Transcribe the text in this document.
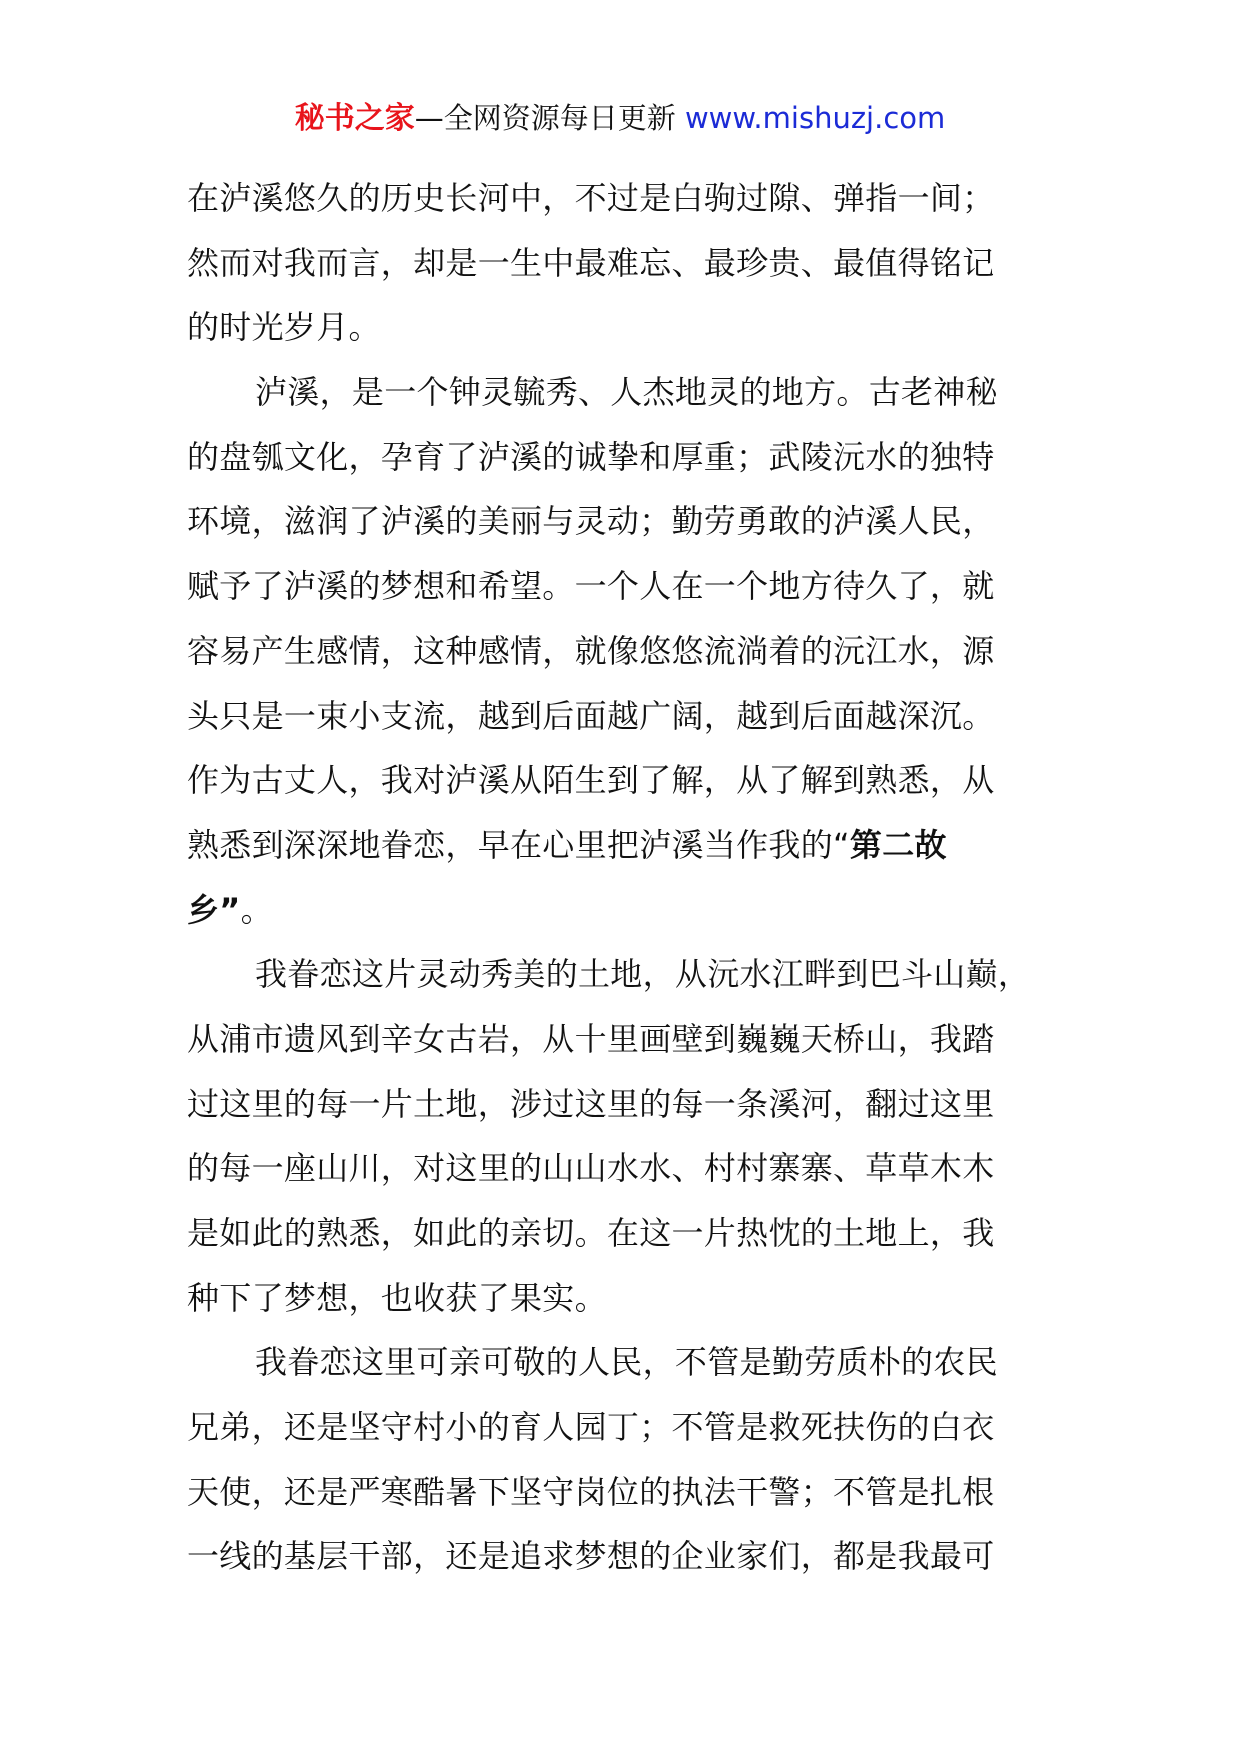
秘书之家—全网资源每日更新 www.mishuzj.com
在泸溪悠久的历史长河中，不过是白驹过隙、弹指一间；
然而对我而言，却是一生中最难忘、最珍贵、最值得铭记
的时光岁月。
泸溪，是一个钟灵毓秀、人杰地灵的地方。古老神秘
的盘瓠文化，孕育了泸溪的诚挚和厚重；武陵沅水的独特
环境，滋润了泸溪的美丽与灵动；勤劳勇敢的泸溪人民，
赋予了泸溪的梦想和希望。一个人在一个地方待久了，就
容易产生感情，这种感情，就像悠悠流淌着的沅江水，源
头只是一束小支流，越到后面越广阔，越到后面越深沉。
作为古丈人，我对泸溪从陌生到了解，从了解到熟悉，从
熟悉到深深地眷恋，早在心里把泸溪当作我的“第二故
乡”。
我眷恋这片灵动秀美的土地，从沅水江畔到巴斗山巅，
从浦市遗风到辛女古岩，从十里画壁到巍巍天桥山，我踏
过这里的每一片土地，涉过这里的每一条溪河，翻过这里
的每一座山川，对这里的山山水水、村村寨寨、草草木木
是如此的熟悉，如此的亲切。在这一片热忱的土地上，我
种下了梦想，也收获了果实。
我眷恋这里可亲可敬的人民，不管是勤劳质朴的农民
兄弟，还是坚守村小的育人园丁；不管是救死扶伤的白衣
天使，还是严寒酷暑下坚守岗位的执法干警；不管是扎根
一线的基层干部，还是追求梦想的企业家们，都是我最可
